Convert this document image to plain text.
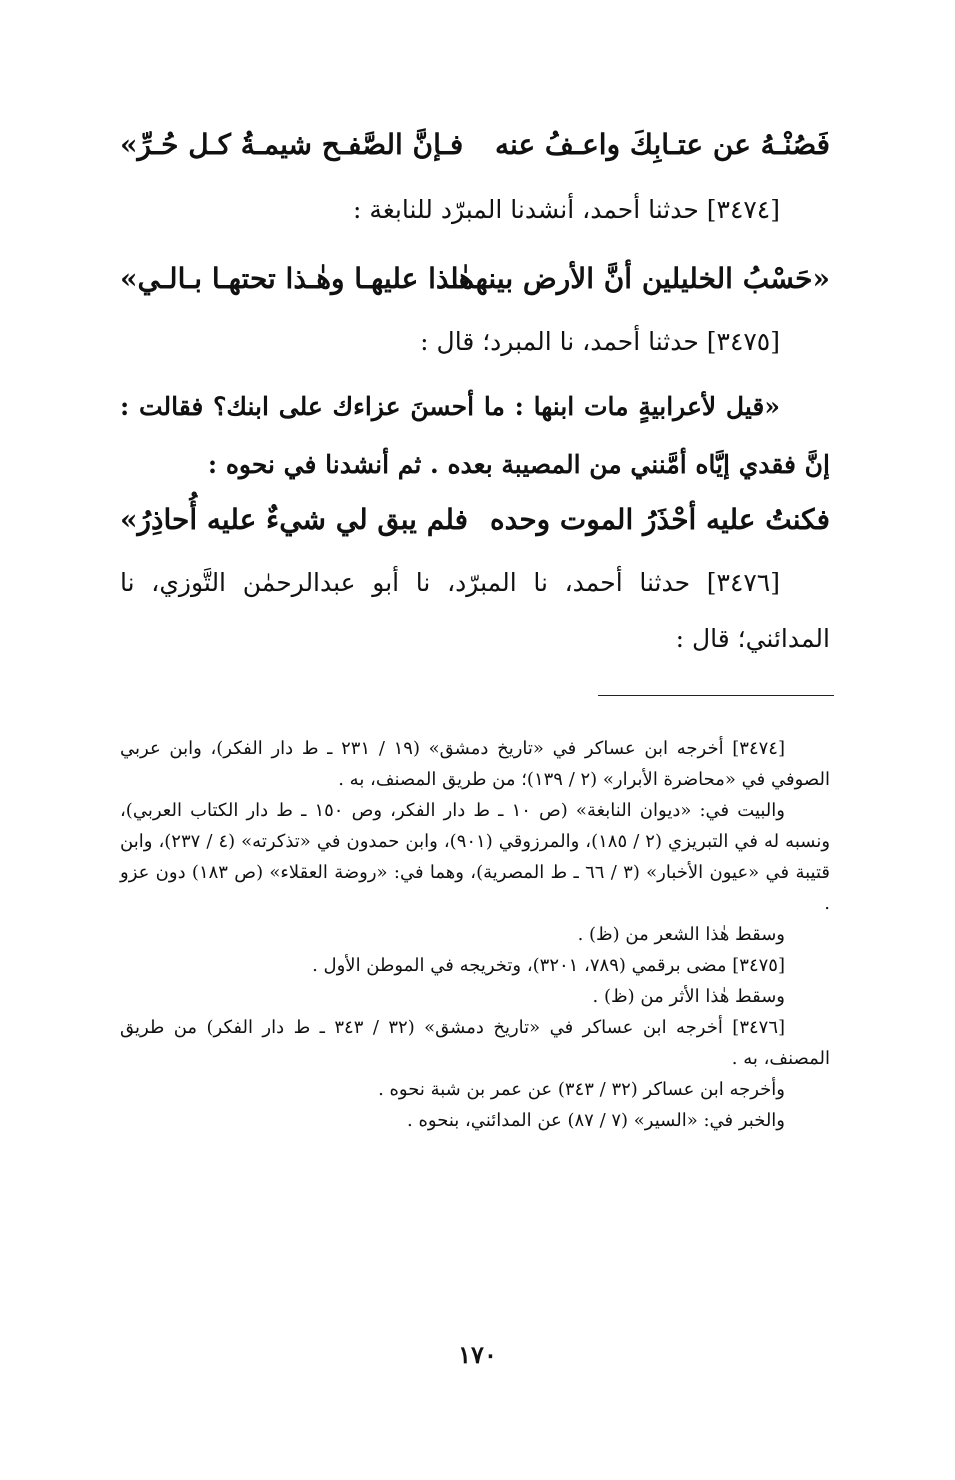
فَصُنْـهُ عن عتـابِكَ واعـفُ عنه
فـإنَّ الصَّفـح شيمـةُ كـل حُـرِّ»
[٣٤٧٤] حدثنا أحمد، أنشدنا المبرّد للنابغة :
«حَسْبُ الخليلين أنَّ الأرض بينهما
هٰـذا عليهـا وهٰـذا تحتهـا بـالـي»
[٣٤٧٥] حدثنا أحمد، نا المبرد؛ قال :
«قيل لأعرابيةٍ مات ابنها : ما أحسنَ عزاءك على ابنك؟ فقالت : إنَّ فقدي إيَّاه أمَّنني من المصيبة بعده . ثم أنشدنا في نحوه :
فكنتُ عليه أحْذَرُ الموت وحده
فلم يبق لي شيءٌ عليه أُحاذِرُ»
[٣٤٧٦] حدثنا أحمد، نا المبرّد، نا أبو عبدالرحمٰن التَّوزي، نا المدائني؛ قال :

[٣٤٧٤] أخرجه ابن عساكر في «تاريخ دمشق» (١٩ / ٢٣١ ـ ط دار الفكر)، وابن عربي الصوفي في «محاضرة الأبرار» (٢ / ١٣٩)؛ من طريق المصنف، به .

والبيت في: «ديوان النابغة» (ص ١٠ ـ ط دار الفكر، وص ١٥٠ ـ ط دار الكتاب العربي)، ونسبه له في التبريزي (٢ / ١٨٥)، والمرزوقي (٩٠١)، وابن حمدون في «تذكرته» (٤ / ٢٣٧)، وابن قتيبة في «عيون الأخبار» (٣ / ٦٦ ـ ط المصرية)، وهما في: «روضة العقلاء» (ص ١٨٣) دون عزو .

وسقط هٰذا الشعر من (ظ) .

[٣٤٧٥] مضى برقمي (٧٨٩، ٣٢٠١)، وتخريجه في الموطن الأول .

وسقط هٰذا الأثر من (ظ) .

[٣٤٧٦] أخرجه ابن عساكر في «تاريخ دمشق» (٣٢ / ٣٤٣ ـ ط دار الفكر) من طريق المصنف، به .

وأخرجه ابن عساكر (٣٢ / ٣٤٣) عن عمر بن شبة نحوه .

والخبر في: «السير» (٧ / ٨٧) عن المدائني، بنحوه .

١٧٠
